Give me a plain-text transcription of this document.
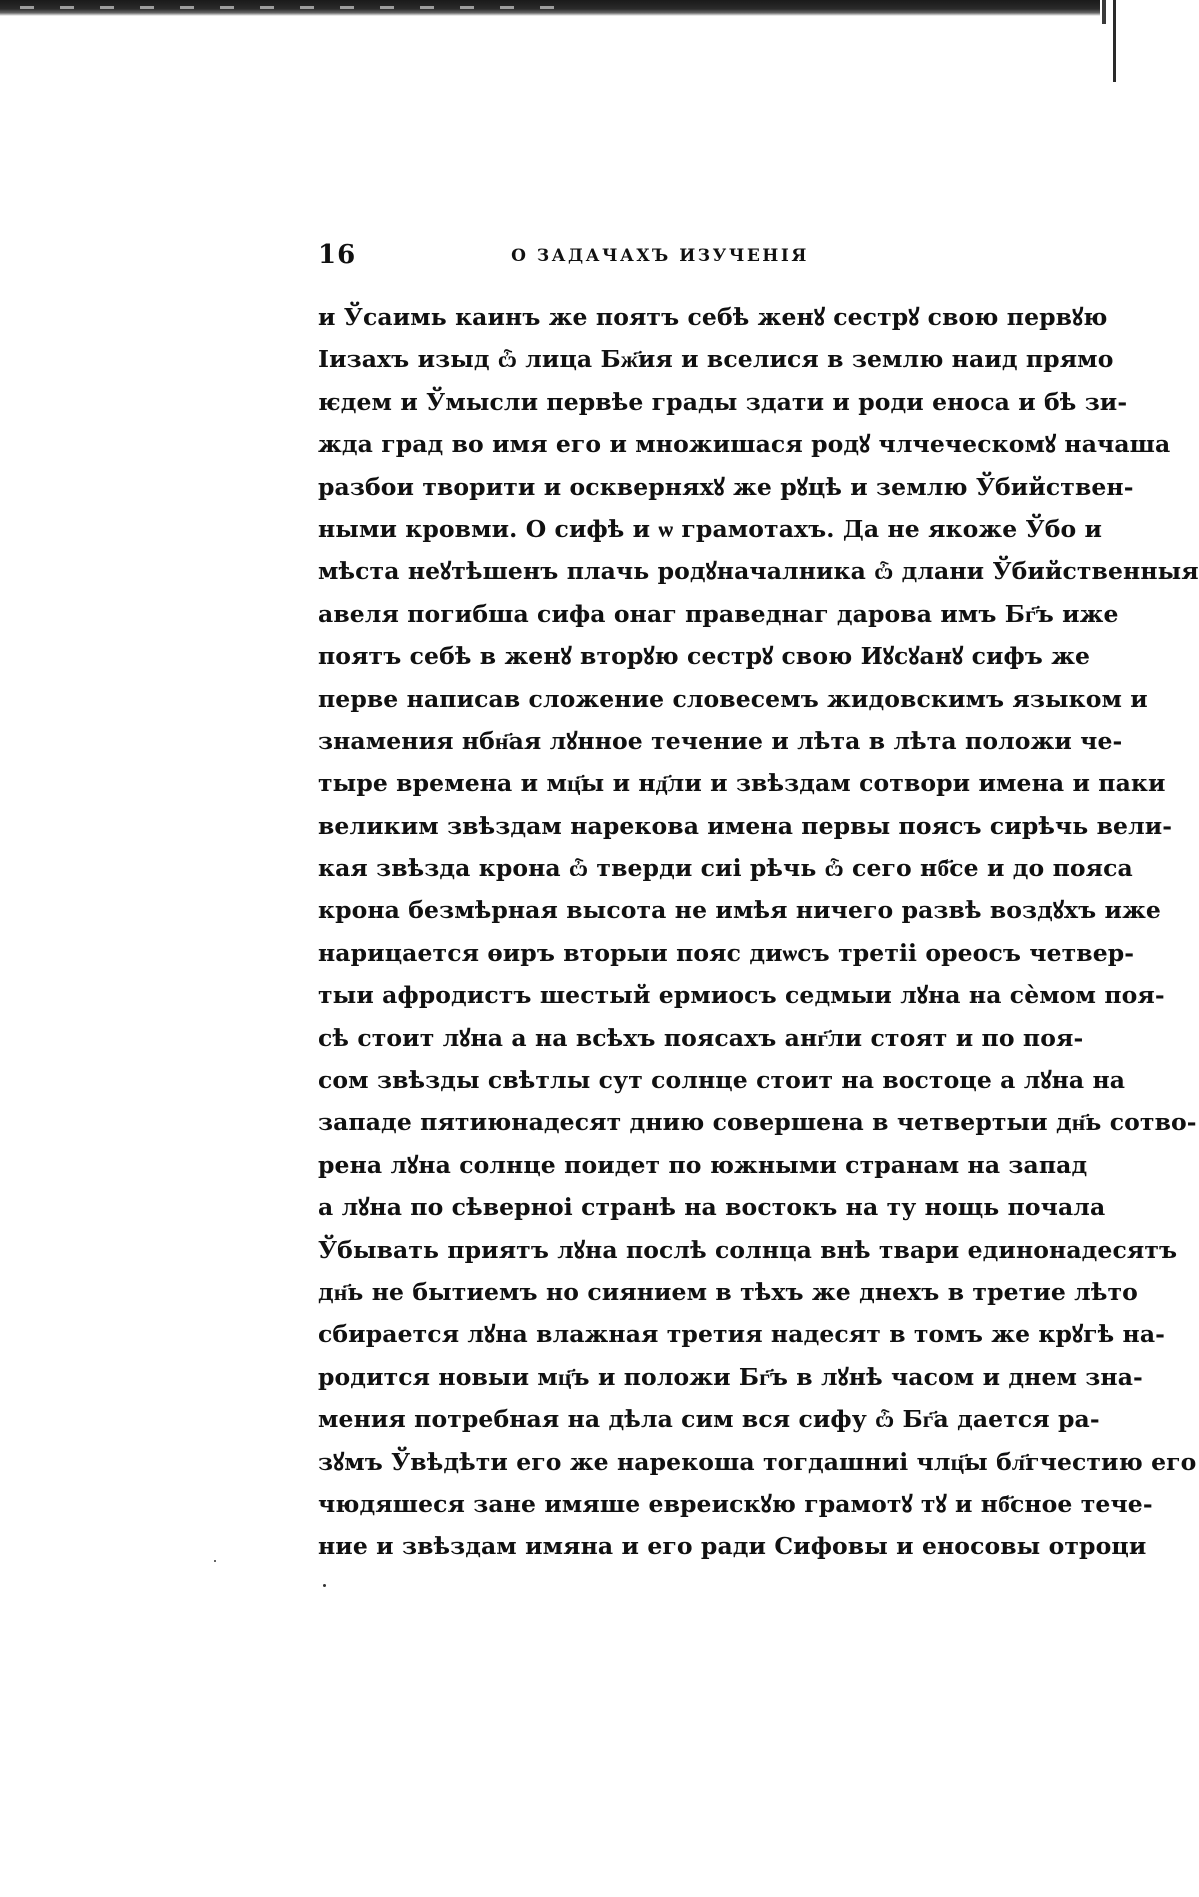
16	О ЗАДАЧАХЪ ИЗУЧЕНІЯ
и Ўсаимь каинъ же поятъ себѣ женꙋ сестрꙋ свою первꙋю
Іизахъ изыд ѽ лица Бж҃ия и вселися в землю наид прямо
ѥдем и Ўмысли первѣе грады здати и роди еноса и бѣ зи-
жда град во имя его и множишася родꙋ члчеческомꙋ начаша
разбои творити и оскверняхꙋ же рꙋцѣ и землю Ўбийствен-
ными кровми. О сифѣ и ѡ грамотахъ. Да не якоже Ўбо и
мѣста неꙋтѣшенъ плачь родꙋначалника ѽ длани Ўбийственныя
авеля погибша сифа онаг праведнаг дарова имъ Бг҃ъ иже
поятъ себѣ в женꙋ вторꙋю сестрꙋ свою Иꙋсꙋанꙋ сифъ же
перве написав сложение словесемъ жидовскимъ языком и
знамения нбн҃ая лꙋнное течение и лѣта в лѣта положи че-
тыре времена и мц҃ы и нд҃ли и звѣздам сотвори имена и паки
великим звѣздам нарекова имена первы поясъ сирѣчь вели-
кая звѣзда крона ѽ тверди сиі рѣчь ѽ сего нб҃се и до пояса
крона безмѣрная высота не имѣя ничего развѣ воздꙋхъ иже
нарицается ѳиръ вторыи пояс диѡсъ третіі ореосъ четвер-
тыи афродистъ шестый ермиосъ седмыи лꙋна на сѐмом поя-
сѣ стоит лꙋна а на всѣхъ поясахъ анг҃ли стоят и по поя-
сом звѣзды свѣтлы сут солнце стоит на востоце а лꙋна на
западе пятиюнадесят днию совершена в четвертыи дн҃ь сотво-
рена лꙋна солнце поидет по южными странам на запад
а лꙋна по сѣверноі странѣ на востокъ на ту нощь почала
Ўбывать приятъ лꙋна послѣ солнца внѣ твари единонадесятъ
дн҃ь не бытиемъ но сиянием в тѣхъ же днехъ в третие лѣто
сбирается лꙋна влажная третия надесят в томъ же крꙋгѣ на-
родится новыи мц҃ъ и положи Бг҃ъ в лꙋнѣ часом и днем зна-
мения потребная на дѣла сим вся сифу ѽ Бг҃а дается ра-
зꙋмъ Ўвѣдѣти его же нарекоша тогдашниі члц҃ы бл҃гчестию его
чюдяшеся зане имяше евреискꙋю грамотꙋ тꙋ и нб҃сное тече-
ние и звѣздам имяна и его ради Сифовы и еносовы отроци
